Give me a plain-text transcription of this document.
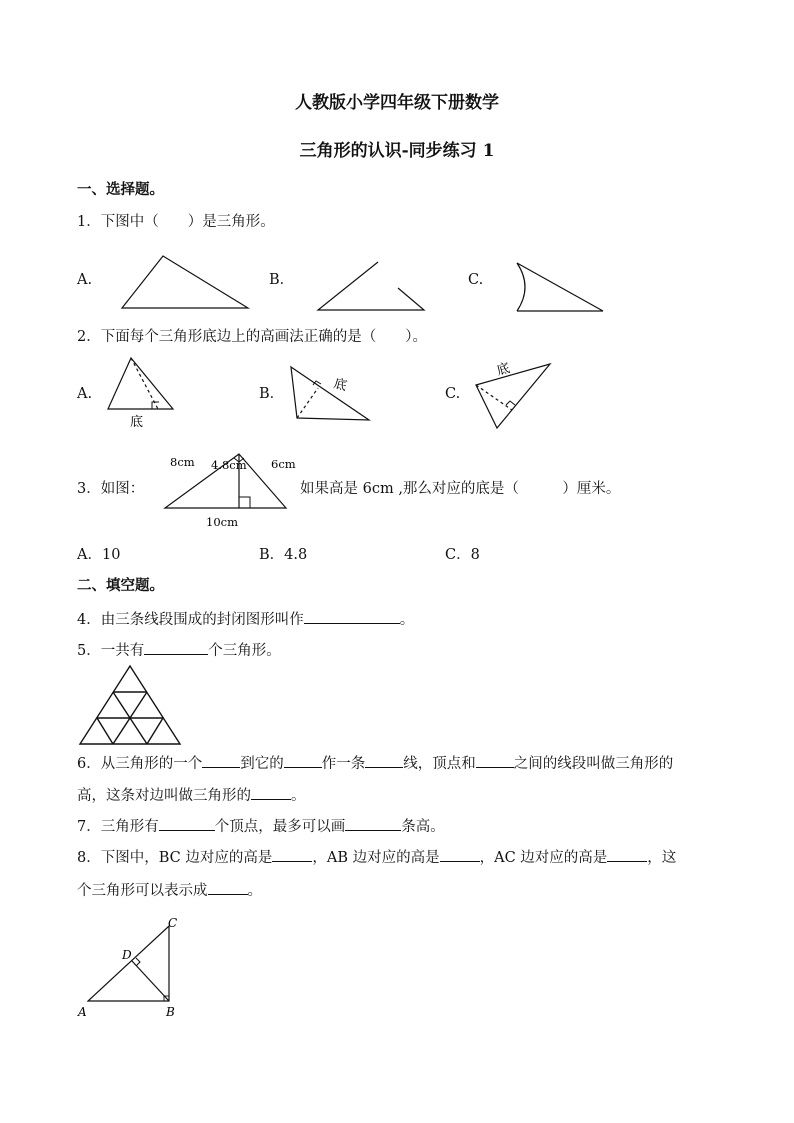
人教版小学四年级下册数学
三角形的认识-同步练习 1
一、选择题。
1．下图中（　　）是三角形。
A.	B．	C.
2．下面每个三角形底边上的高画法正确的是（　　）。
A.	B．	C.
底
底
底
3．如图：	如果高是 6cm ,那么对应的底是（　　　）厘米。
8cm 4.8cm 6cm
10cm
A．10	B．4.8	C．8
二、填空题。
4．由三条线段围成的封闭图形叫作	。
5．一共有	个三角形。
6．从三角形的一个	到它的	作一条	线，顶点和	之间的线段叫做三角形的
高，这条对边叫做三角形的	。
7．三角形有	个顶点，最多可以画	条高。
8．下图中，BC 边对应的高是	，AB 边对应的高是	，AC 边对应的高是	，这
个三角形可以表示成	。
C
D
A	B
